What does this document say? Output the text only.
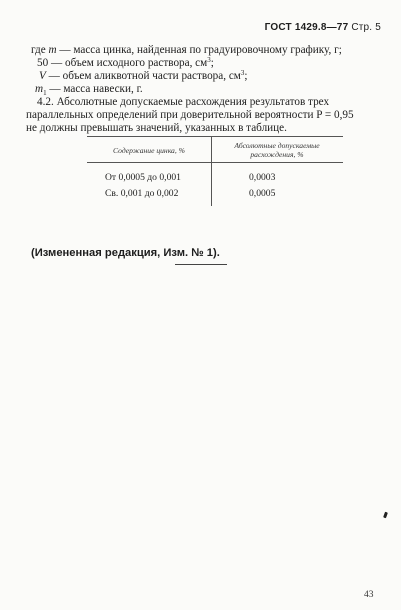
ГОСТ 1429.8—77 Стр. 5
где m — масса цинка, найденная по градуировочному графику, г;
50 — объем исходного раствора, $см^3$;
V — объем аликвотной части раствора, $см^3$;
$m_1$ — масса навески, г.
4.2. Абсолютные допускаемые расхождения результатов трех
параллельных определений при доверительной вероятности P = 0,95
не должны превышать значений, указанных в таблице.
Содержание цинка, %
Абсолютные допускаемые
расхождения, %
От 0,0005 до 0,001	0,0003
Св. 0,001 до 0,002	0,0005
(Измененная редакция, Изм. № 1).
43
